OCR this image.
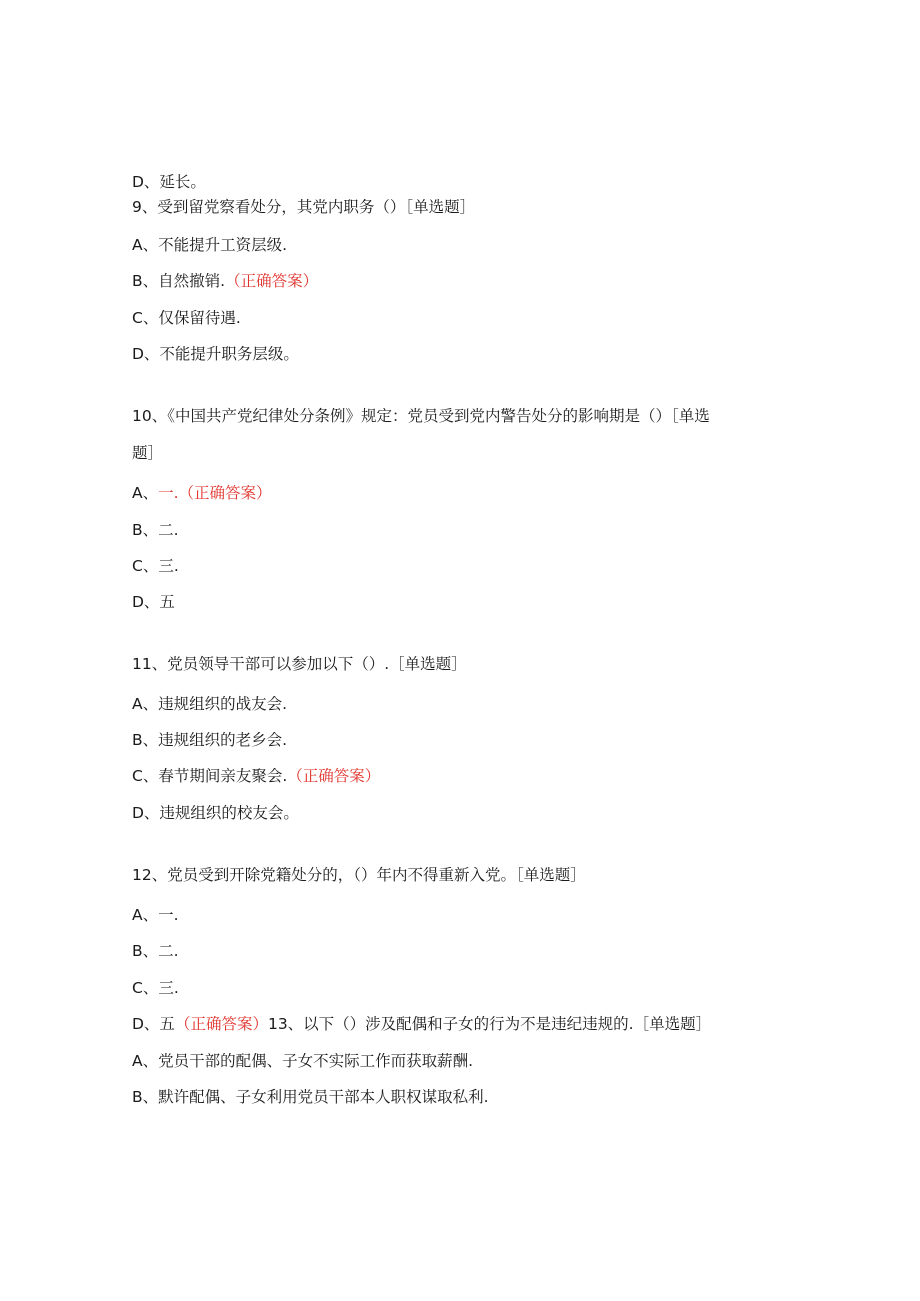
D、延长。
9、受到留党察看处分，其党内职务（）［单选题］
A、不能提升工资层级.
B、自然撤销.（正确答案）
C、仅保留待遇.
D、不能提升职务层级。
10、《中国共产党纪律处分条例》规定：党员受到党内警告处分的影响期是（）［单选
题］
A、一.（正确答案）
B、二.
C、三.
D、五
11、党员领导干部可以参加以下（）.［单选题］
A、违规组织的战友会.
B、违规组织的老乡会.
C、春节期间亲友聚会.（正确答案）
D、违规组织的校友会。
12、党员受到开除党籍处分的，（）年内不得重新入党。［单选题］
A、一.
B、二.
C、三.
D、五（正确答案）13、以下（）涉及配偶和子女的行为不是违纪违规的.［单选题］
A、党员干部的配偶、子女不实际工作而获取薪酬.
B、默许配偶、子女利用党员干部本人职权谋取私利.
